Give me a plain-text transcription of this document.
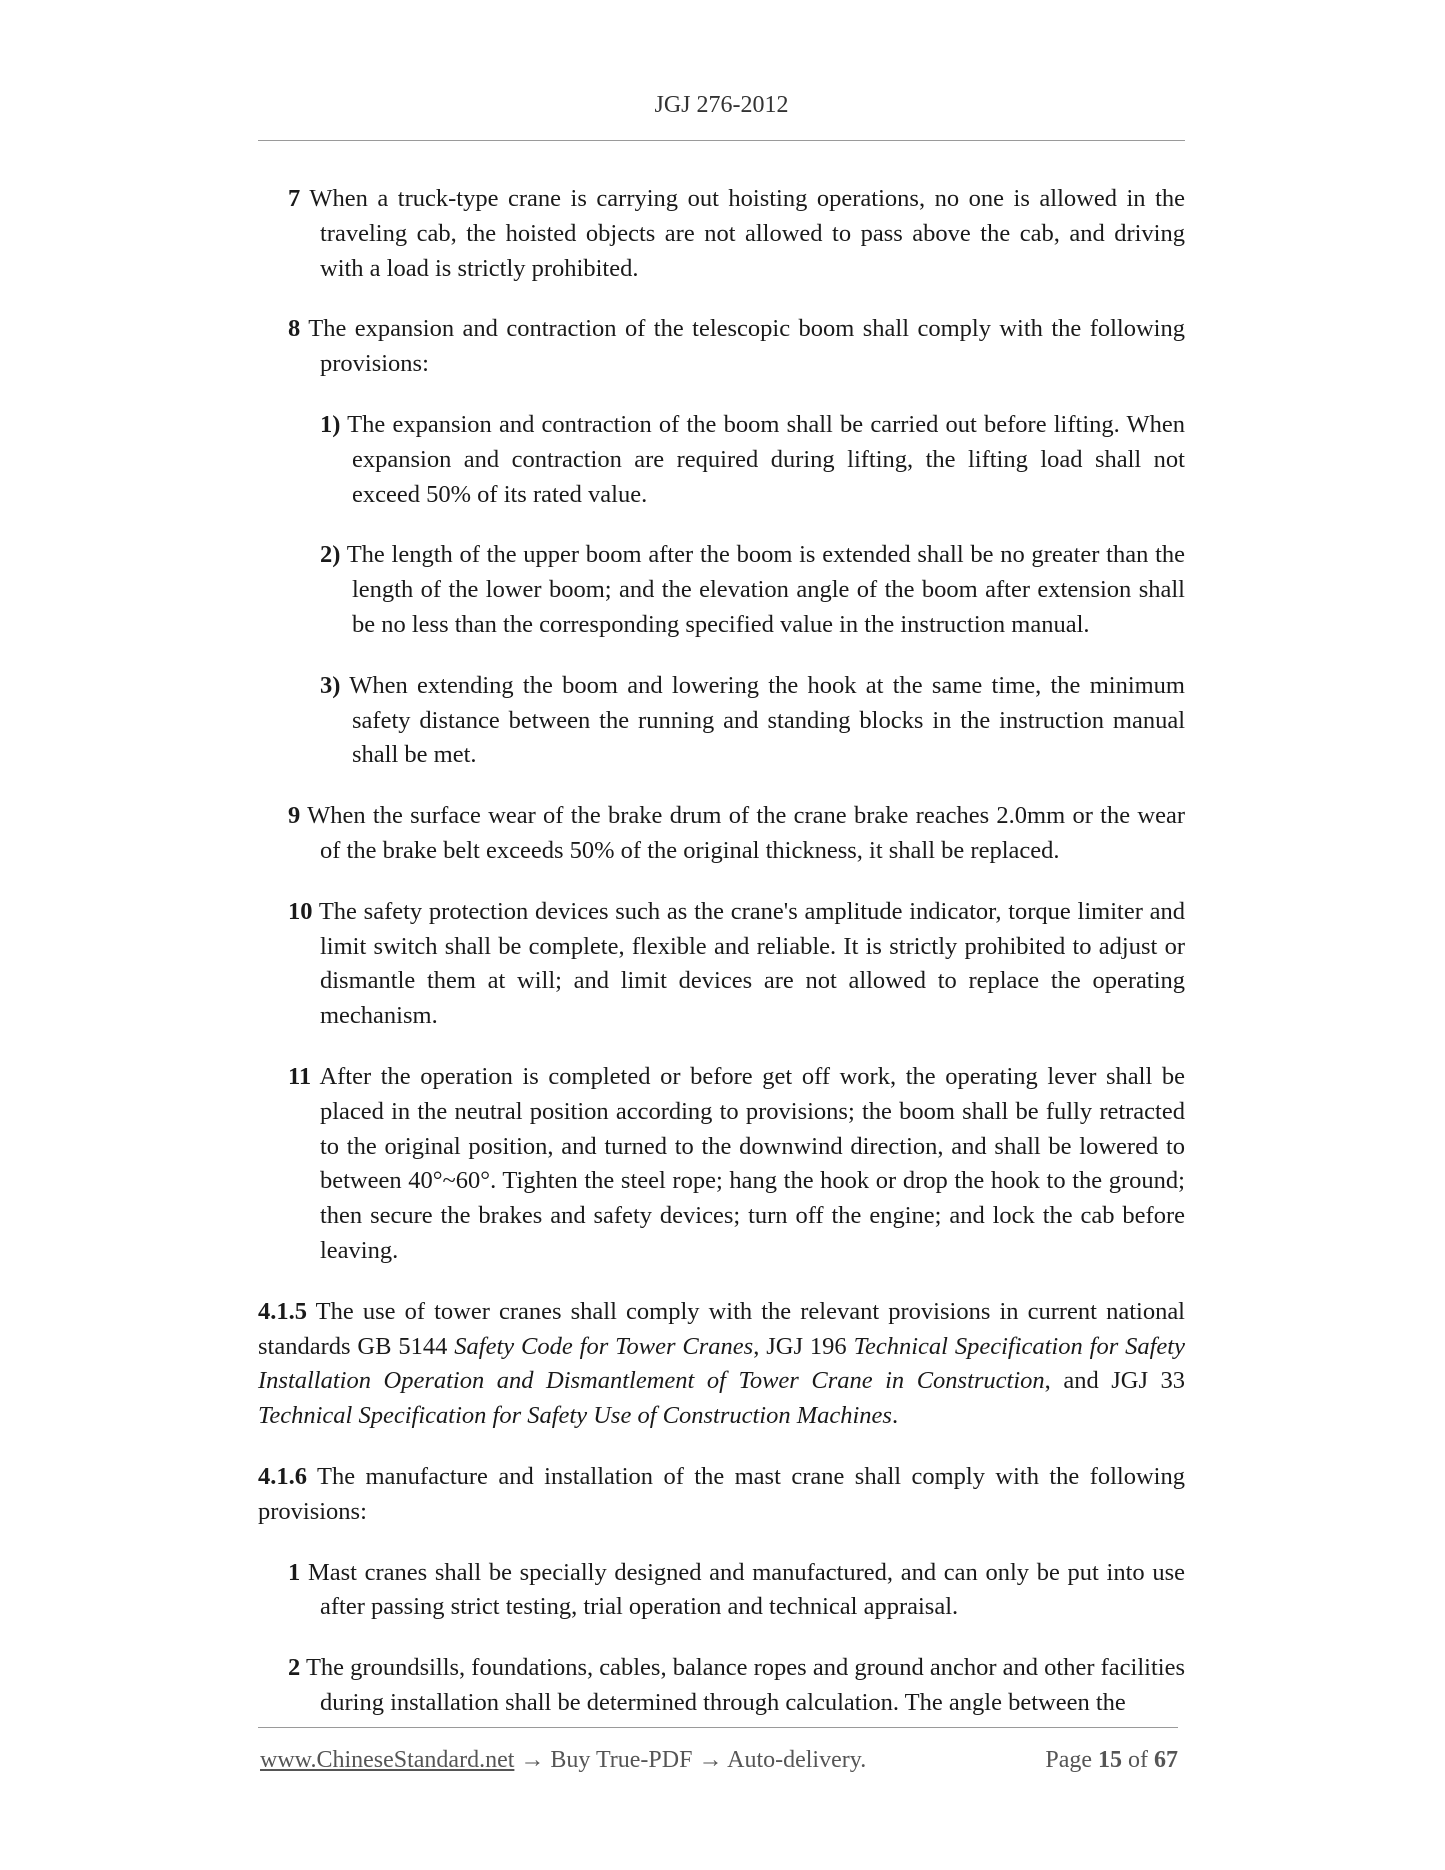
JGJ 276-2012

7 When a truck-type crane is carrying out hoisting operations, no one is allowed in the traveling cab, the hoisted objects are not allowed to pass above the cab, and driving with a load is strictly prohibited.

8 The expansion and contraction of the telescopic boom shall comply with the following provisions:

1) The expansion and contraction of the boom shall be carried out before lifting. When expansion and contraction are required during lifting, the lifting load shall not exceed 50% of its rated value.

2) The length of the upper boom after the boom is extended shall be no greater than the length of the lower boom; and the elevation angle of the boom after extension shall be no less than the corresponding specified value in the instruction manual.

3) When extending the boom and lowering the hook at the same time, the minimum safety distance between the running and standing blocks in the instruction manual shall be met.

9 When the surface wear of the brake drum of the crane brake reaches 2.0mm or the wear of the brake belt exceeds 50% of the original thickness, it shall be replaced.

10 The safety protection devices such as the crane's amplitude indicator, torque limiter and limit switch shall be complete, flexible and reliable. It is strictly prohibited to adjust or dismantle them at will; and limit devices are not allowed to replace the operating mechanism.

11 After the operation is completed or before get off work, the operating lever shall be placed in the neutral position according to provisions; the boom shall be fully retracted to the original position, and turned to the downwind direction, and shall be lowered to between 40°~60°. Tighten the steel rope; hang the hook or drop the hook to the ground; then secure the brakes and safety devices; turn off the engine; and lock the cab before leaving.

4.1.5 The use of tower cranes shall comply with the relevant provisions in current national standards GB 5144 Safety Code for Tower Cranes, JGJ 196 Technical Specification for Safety Installation Operation and Dismantlement of Tower Crane in Construction, and JGJ 33 Technical Specification for Safety Use of Construction Machines.

4.1.6 The manufacture and installation of the mast crane shall comply with the following provisions:

1 Mast cranes shall be specially designed and manufactured, and can only be put into use after passing strict testing, trial operation and technical appraisal.

2 The groundsills, foundations, cables, balance ropes and ground anchor and other facilities during installation shall be determined through calculation. The angle between the

www.ChineseStandard.net → Buy True-PDF → Auto-delivery.	Page 15 of 67
